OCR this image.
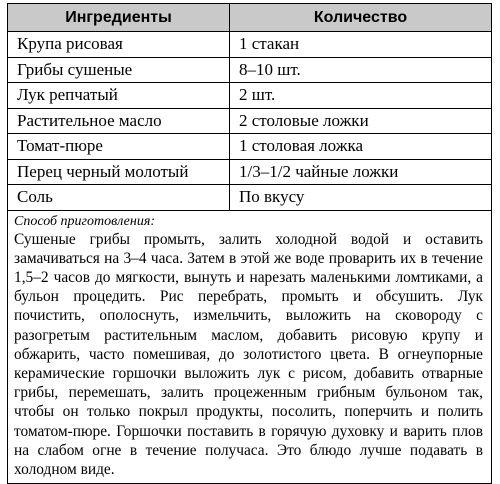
Ингредиенты	Количество
Крупа рисовая	1 стакан
Грибы сушеные	8–10 шт.
Лук репчатый	2 шт.
Растительное масло	2 столовые ложки
Томат-пюре	1 столовая ложка
Перец черный молотый	1/3–1/2 чайные ложки
Соль	По вкусу

Способ приготовления:
Сушеные грибы промыть, залить холодной водой и оставить замачиваться на 3–4 часа. Затем в этой же воде проварить их в течение 1,5–2 часов до мягкости, вынуть и нарезать маленькими ломтиками, а бульон процедить. Рис перебрать, промыть и обсушить. Лук почистить, ополоснуть, измельчить, выложить на сковороду с разогретым растительным маслом, добавить рисовую крупу и обжарить, часто помешивая, до золотистого цвета. В огнеупорные керамические горшочки выложить лук с рисом, добавить отварные грибы, перемешать, залить процеженным грибным бульоном так, чтобы он только покрыл продукты, посолить, поперчить и полить томатом-пюре. Горшочки поставить в горячую духовку и варить плов на слабом огне в течение получаса. Это блюдо лучше подавать в холодном виде.	
